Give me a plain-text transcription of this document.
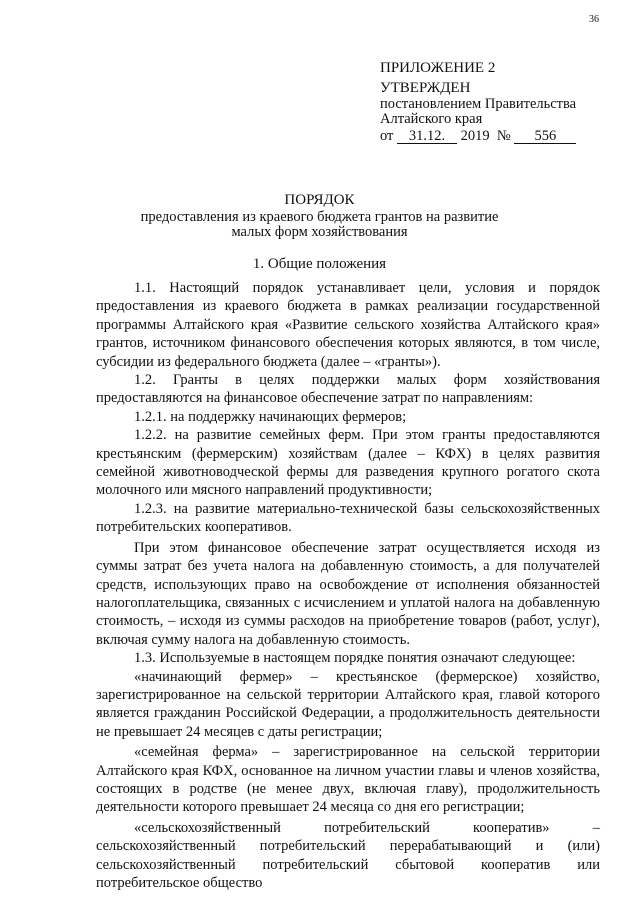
36
ПРИЛОЖЕНИЕ 2
УТВЕРЖДЕН
постановлением Правительства
Алтайского края
от 31.12. 2019 № 556
ПОРЯДОК
предоставления из краевого бюджета грантов на развитие
малых форм хозяйствования
1. Общие положения

1.1. Настоящий порядок устанавливает цели, условия и порядок предоставления из краевого бюджета в рамках реализации государственной программы Алтайского края «Развитие сельского хозяйства Алтайского края» грантов, источником финансового обеспечения которых являются, в том числе, субсидии из федерального бюджета (далее – «гранты»).

1.2. Гранты в целях поддержки малых форм хозяйствования предоставляются на финансовое обеспечение затрат по направлениям:

1.2.1. на поддержку начинающих фермеров;

1.2.2. на развитие семейных ферм. При этом гранты предоставляются крестьянским (фермерским) хозяйствам (далее – КФХ) в целях развития семейной животноводческой фермы для разведения крупного рогатого скота молочного или мясного направлений продуктивности;

1.2.3. на развитие материально-технической базы сельскохозяйственных потребительских кооперативов.

При этом финансовое обеспечение затрат осуществляется исходя из суммы затрат без учета налога на добавленную стоимость, а для получателей средств, использующих право на освобождение от исполнения обязанностей налогоплательщика, связанных с исчислением и уплатой налога на добавленную стоимость, – исходя из суммы расходов на приобретение товаров (работ, услуг), включая сумму налога на добавленную стоимость.

1.3. Используемые в настоящем порядке понятия означают следующее:

«начинающий фермер» – крестьянское (фермерское) хозяйство, зарегистрированное на сельской территории Алтайского края, главой которого является гражданин Российской Федерации, а продолжительность деятельности не превышает 24 месяцев с даты регистрации;

«семейная ферма» – зарегистрированное на сельской территории Алтайского края КФХ, основанное на личном участии главы и членов хозяйства, состоящих в родстве (не менее двух, включая главу), продолжительность деятельности которого превышает 24 месяца со дня его регистрации;

«сельскохозяйственный потребительский кооператив» – сельскохозяйственный потребительский перерабатывающий и (или) сельскохозяйственный потребительский сбытовой кооператив или потребительское общество
